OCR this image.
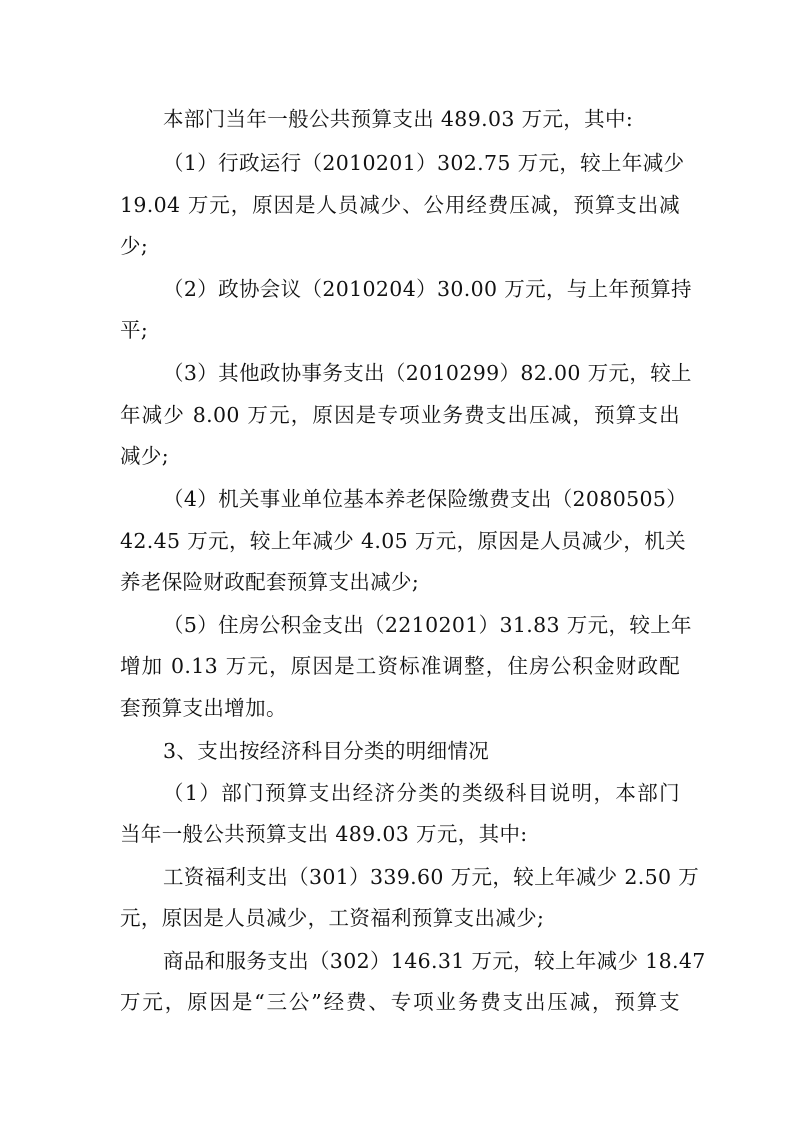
本部门当年一般公共预算支出 489.03 万元，其中:
（1）行政运行（2010201）302.75 万元，较上年减少
19.04 万元，原因是人员减少、公用经费压减，预算支出减
少;
（2）政协会议（2010204）30.00 万元，与上年预算持
平;
（3）其他政协事务支出（2010299）82.00 万元，较上
年减少 8.00 万元，原因是专项业务费支出压减，预算支出
减少;
（4）机关事业单位基本养老保险缴费支出（2080505）
42.45 万元，较上年减少 4.05 万元，原因是人员减少，机关
养老保险财政配套预算支出减少;
（5）住房公积金支出（2210201）31.83 万元，较上年
增加 0.13 万元，原因是工资标准调整，住房公积金财政配
套预算支出增加。
3、支出按经济科目分类的明细情况
（1）部门预算支出经济分类的类级科目说明，本部门
当年一般公共预算支出 489.03 万元，其中:
工资福利支出（301）339.60 万元，较上年减少 2.50 万
元，原因是人员减少，工资福利预算支出减少;
商品和服务支出（302）146.31 万元，较上年减少 18.47
万元，原因是“三公”经费、专项业务费支出压减，预算支
